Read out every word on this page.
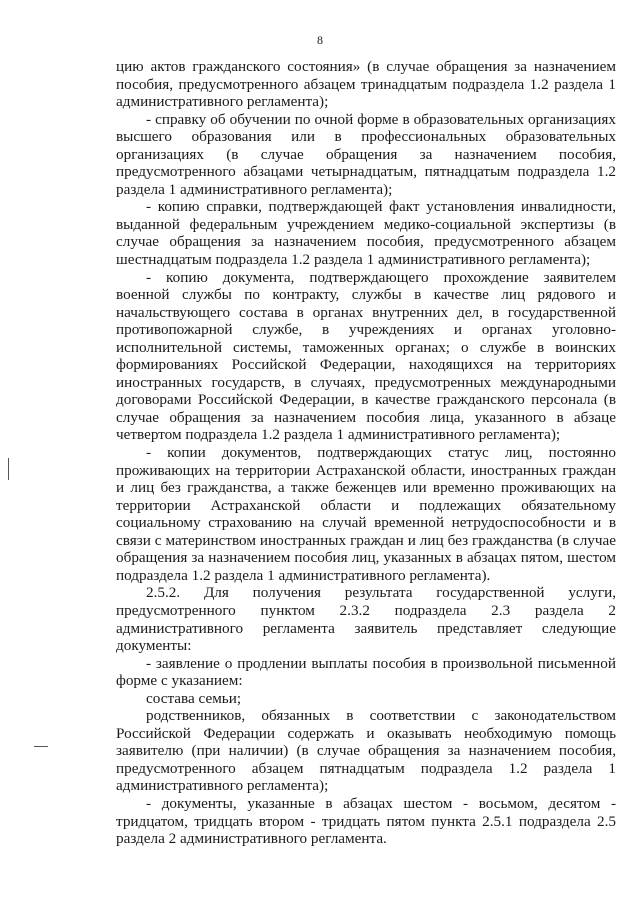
8

цию актов гражданского состояния» (в случае обращения за назначением пособия, предусмотренного абзацем тринадцатым подраздела 1.2 раздела 1 административного регламента);

- справку об обучении по очной форме в образовательных организациях высшего образования или в профессиональных образовательных организациях (в случае обращения за назначением пособия, предусмотренного абзацами четырнадцатым, пятнадцатым подраздела 1.2 раздела 1 административного регламента);

- копию справки, подтверждающей факт установления инвалидности, выданной федеральным учреждением медико-социальной экспертизы (в случае обращения за назначением пособия, предусмотренного абзацем шестнадцатым подраздела 1.2 раздела 1 административного регламента);

- копию документа, подтверждающего прохождение заявителем военной службы по контракту, службы в качестве лиц рядового и начальствующего состава в органах внутренних дел, в государственной противопожарной службе, в учреждениях и органах уголовно-исполнительной системы, таможенных органах; о службе в воинских формированиях Российской Федерации, находящихся на территориях иностранных государств, в случаях, предусмотренных международными договорами Российской Федерации, в качестве гражданского персонала (в случае обращения за назначением пособия лица, указанного в абзаце четвертом подраздела 1.2 раздела 1 административного регламента);

- копии документов, подтверждающих статус лиц, постоянно проживающих на территории Астраханской области, иностранных граждан и лиц без гражданства, а также беженцев или временно проживающих на территории Астраханской области и подлежащих обязательному социальному страхованию на случай временной нетрудоспособности и в связи с материнством иностранных граждан и лиц без гражданства (в случае обращения за назначением пособия лиц, указанных в абзацах пятом, шестом подраздела 1.2 раздела 1 административного регламента).

2.5.2. Для получения результата государственной услуги, предусмотренного пунктом 2.3.2 подраздела 2.3 раздела 2 административного регламента заявитель представляет следующие документы:

- заявление о продлении выплаты пособия в произвольной письменной форме с указанием:

состава семьи;

родственников, обязанных в соответствии с законодательством Российской Федерации содержать и оказывать необходимую помощь заявителю (при наличии) (в случае обращения за назначением пособия, предусмотренного абзацем пятнадцатым подраздела 1.2 раздела 1 административного регламента);

- документы, указанные в абзацах шестом - восьмом, десятом - тридцатом, тридцать втором - тридцать пятом пункта 2.5.1 подраздела 2.5 раздела 2 административного регламента.
